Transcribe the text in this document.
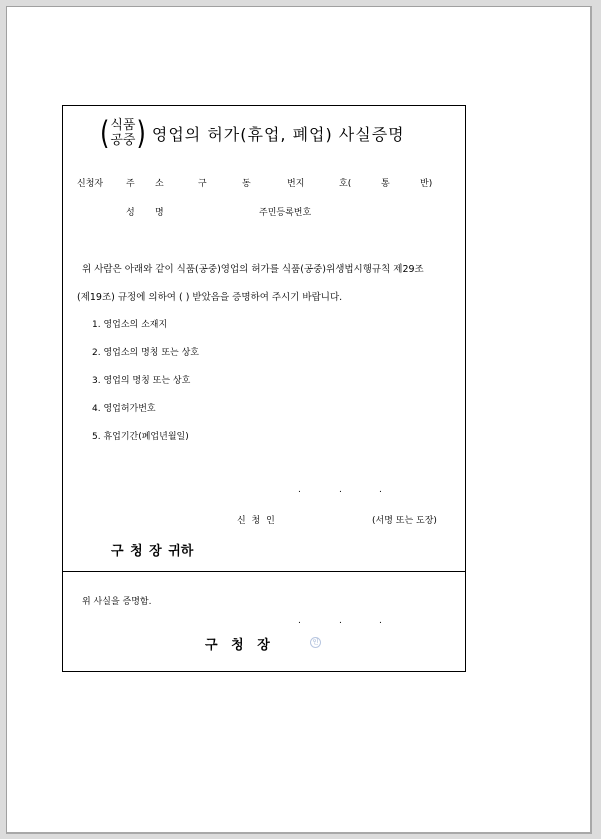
( 식품
공중 ) 영업의 허가(휴업, 폐업) 사실증명
신청자	주 소	구	동	번지	호(	통	반)
성 명	주민등록번호
위 사람은 아래와 같이 식품(공중)영업의 허가를 식품(공중)위생법시행규칙 제29조
(제19조) 규정에 의하여 ( ) 받았음을 증명하여 주시기 바랍니다.
1. 영업소의 소재지
2. 영업소의 명칭 또는 상호
3. 영업의 명칭 또는 상호
4. 영업허가번호
5. 휴업기간(폐업년월일)
.	.	.
신 청 인	(서명 또는 도장)
구 청 장 귀하
위 사실을 증명함.
.	.	.
구   청   장	인
